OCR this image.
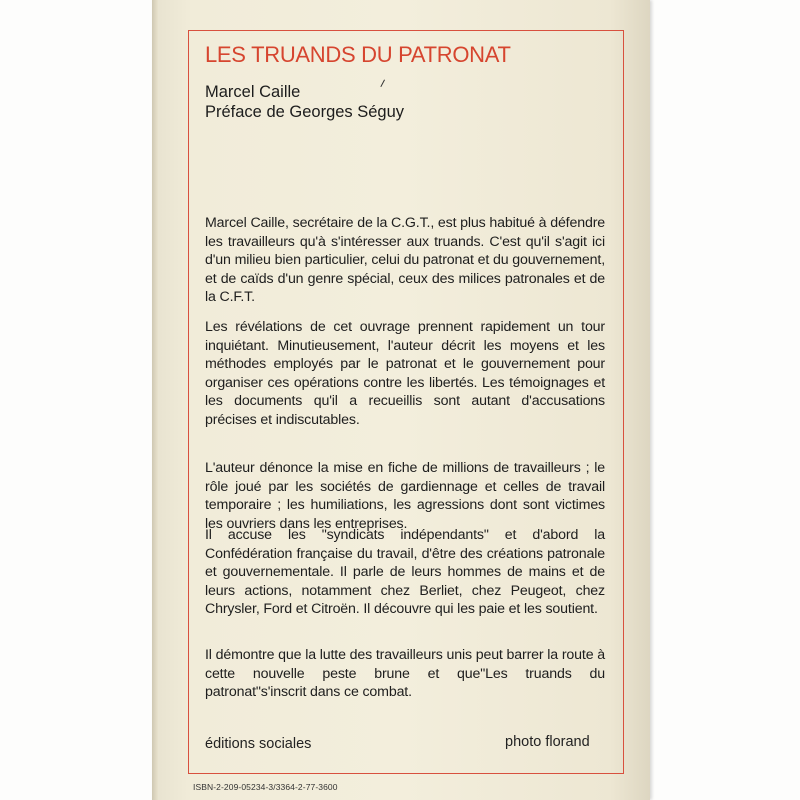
LES TRUANDS DU PATRONAT
Marcel Caille
Préface de Georges Séguy

Marcel Caille, secrétaire de la C.G.T., est plus habitué à défendre les travailleurs qu'à s'intéresser aux truands. C'est qu'il s'agit ici d'un milieu bien particulier, celui du patronat et du gouvernement, et de caïds d'un genre spécial, ceux des milices patronales et de la C.F.T.

Les révélations de cet ouvrage prennent rapidement un tour inquiétant. Minutieusement, l'auteur décrit les moyens et les méthodes employés par le patronat et le gouvernement pour organiser ces opérations contre les libertés. Les témoignages et les documents qu'il a recueillis sont autant d'accusations précises et indiscutables.

L'auteur dénonce la mise en fiche de millions de travailleurs ; le rôle joué par les sociétés de gardiennage et celles de travail temporaire ; les humiliations, les agressions dont sont victimes les ouvriers dans les entreprises.

Il accuse les "syndicats indépendants" et d'abord la Confédération française du travail, d'être des créations patronale et gouvernementale. Il parle de leurs hommes de mains et de leurs actions, notamment chez Berliet, chez Peugeot, chez Chrysler, Ford et Citroën. Il découvre qui les paie et les soutient.

Il démontre que la lutte des travailleurs unis peut barrer la route à cette nouvelle peste brune et que"Les truands du patronat"s'inscrit dans ce combat.

éditions sociales	photo florand
ISBN-2-209-05234-3/3364-2-77-3600
